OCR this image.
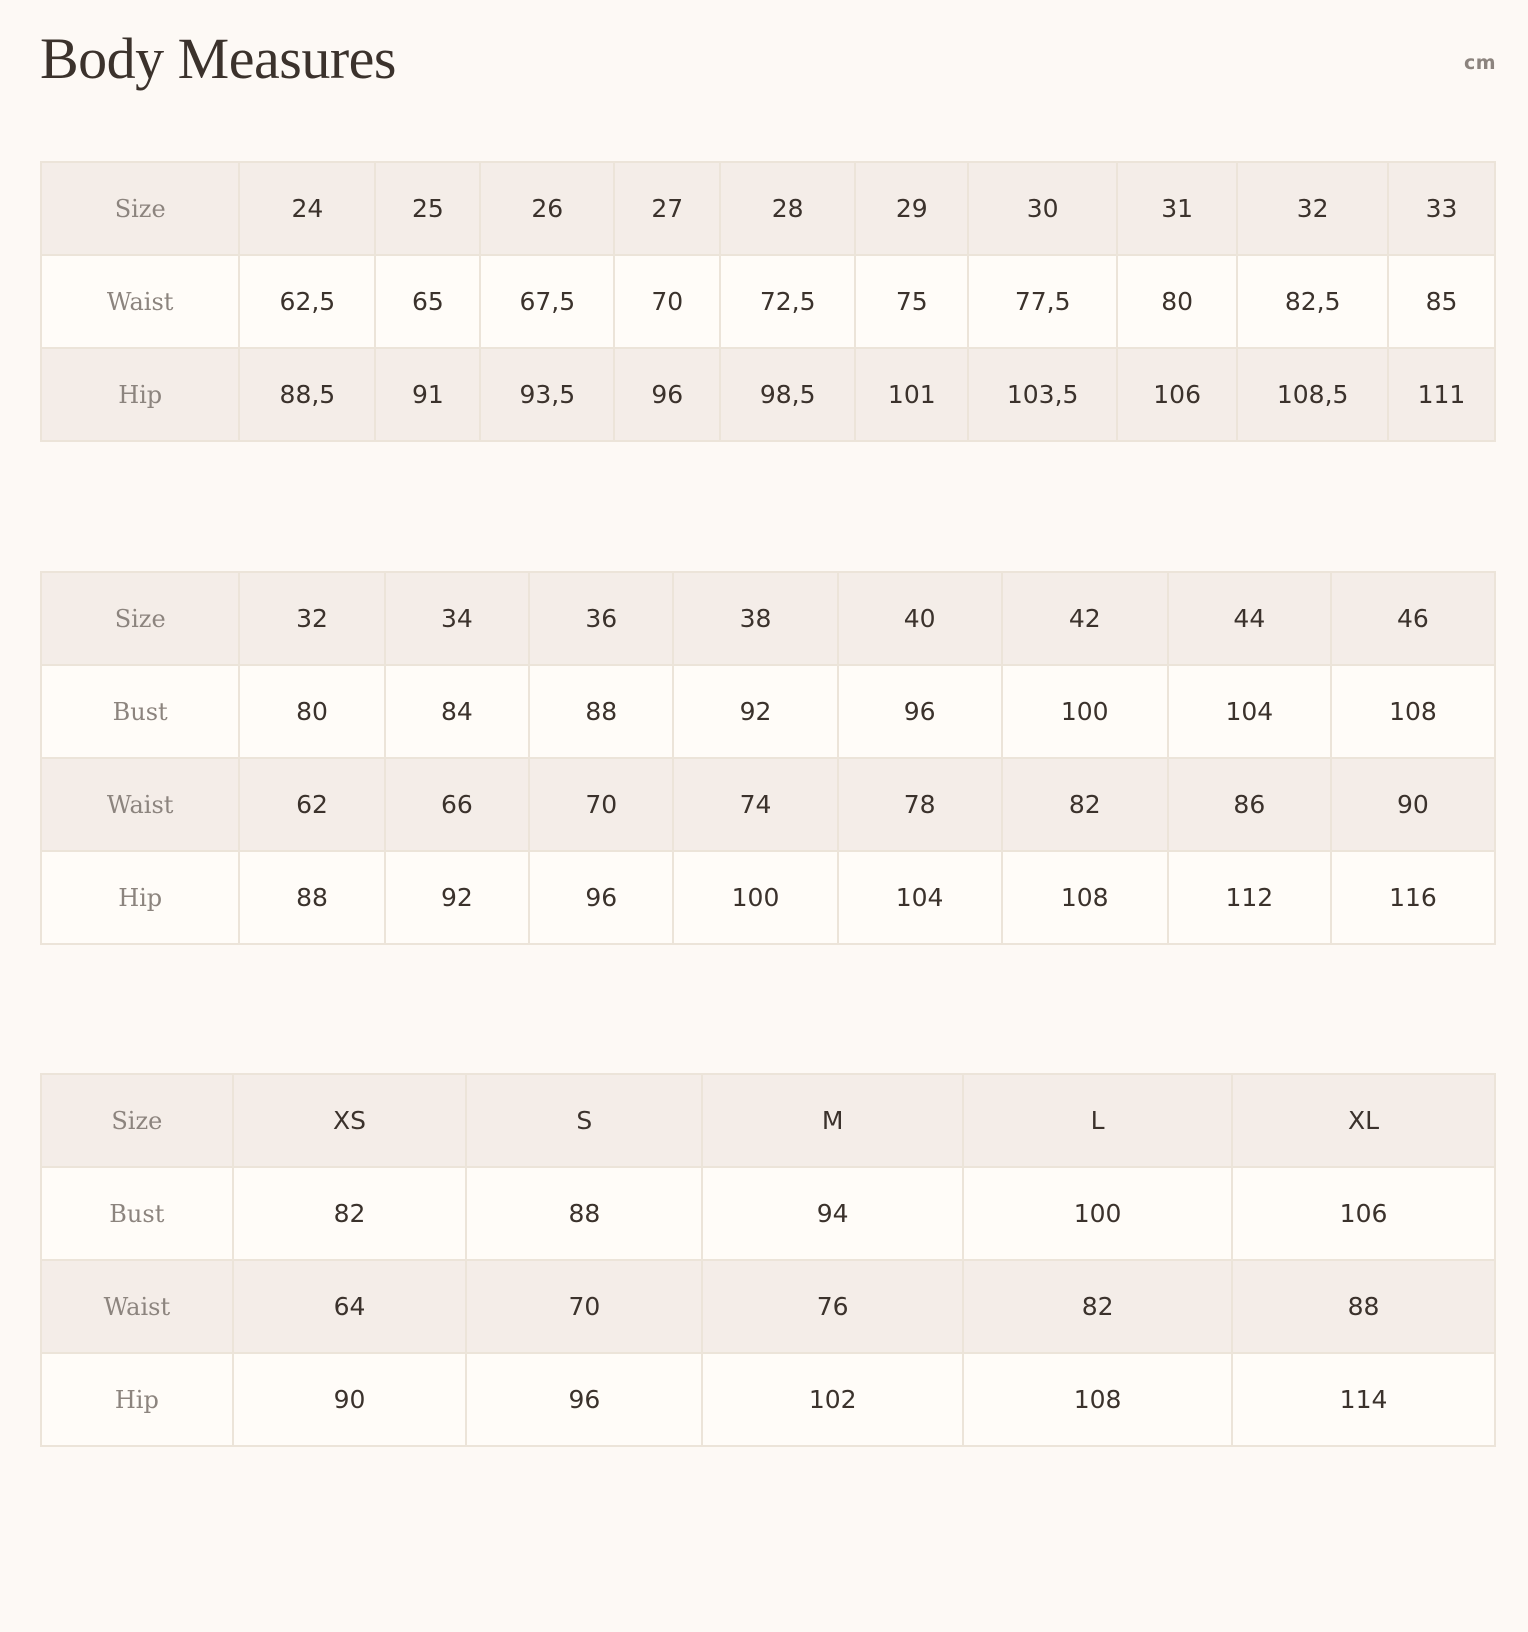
Body Measures	cm
Size	24	25	26	27	28	29	30	31	32	33
Waist	62,5	65	67,5	70	72,5	75	77,5	80	82,5	85
Hip	88,5	91	93,5	96	98,5	101	103,5	106	108,5	111
Size	32	34	36	38	40	42	44	46
Bust	80	84	88	92	96	100	104	108
Waist	62	66	70	74	78	82	86	90
Hip	88	92	96	100	104	108	112	116
Size	XS	S	M	L	XL
Bust	82	88	94	100	106
Waist	64	70	76	82	88
Hip	90	96	102	108	114
